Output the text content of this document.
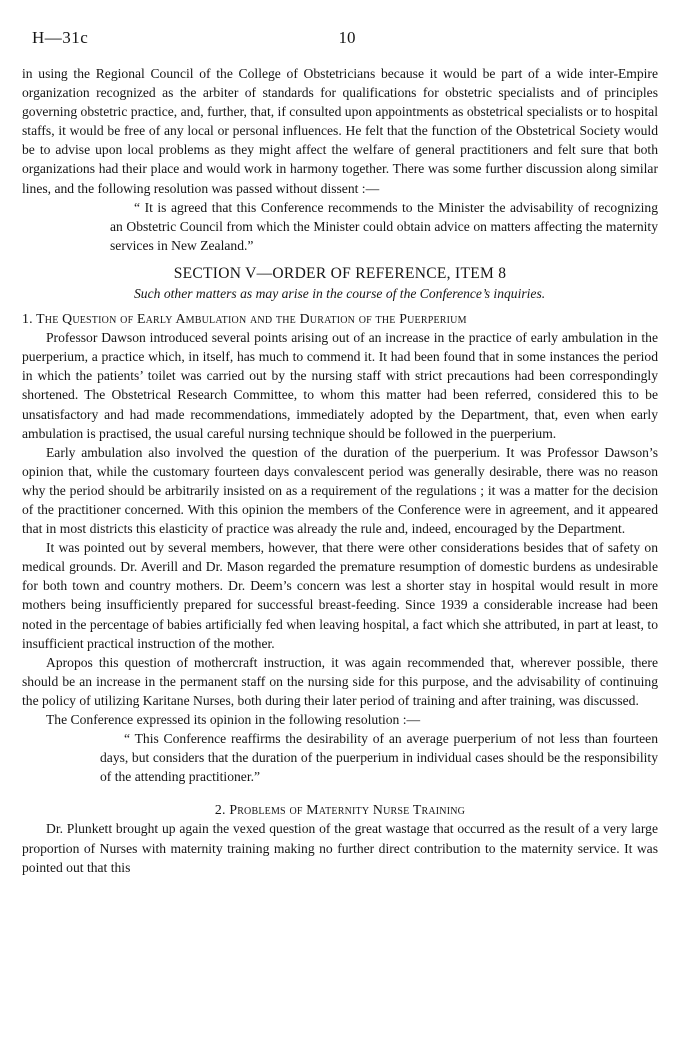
H—31c	10

in using the Regional Council of the College of Obstetricians because it would be part of a wide inter-Empire organization recognized as the arbiter of standards for qualifications for obstetric specialists and of principles governing obstetric practice, and, further, that, if consulted upon appointments as obstetrical specialists or to hospital staffs, it would be free of any local or personal influences. He felt that the function of the Obstetrical Society would be to advise upon local problems as they might affect the welfare of general practitioners and felt sure that both organizations had their place and would work in harmony together. There was some further discussion along similar lines, and the following resolution was passed without dissent :—

“ It is agreed that this Conference recommends to the Minister the advisability of recognizing an Obstetric Council from which the Minister could obtain advice on matters affecting the maternity services in New Zealand.”

SECTION V—ORDER OF REFERENCE, ITEM 8

Such other matters as may arise in the course of the Conference’s inquiries.

1. The Question of Early Ambulation and the Duration of the Puerperium

Professor Dawson introduced several points arising out of an increase in the practice of early ambulation in the puerperium, a practice which, in itself, has much to commend it. It had been found that in some instances the period in which the patients’ toilet was carried out by the nursing staff with strict precautions had been correspondingly shortened. The Obstetrical Research Committee, to whom this matter had been referred, considered this to be unsatisfactory and had made recommendations, immediately adopted by the Department, that, even when early ambulation is practised, the usual careful nursing technique should be followed in the puerperium.

Early ambulation also involved the question of the duration of the puerperium. It was Professor Dawson’s opinion that, while the customary fourteen days convalescent period was generally desirable, there was no reason why the period should be arbitrarily insisted on as a requirement of the regulations ; it was a matter for the decision of the practitioner concerned. With this opinion the members of the Conference were in agreement, and it appeared that in most districts this elasticity of practice was already the rule and, indeed, encouraged by the Department.

It was pointed out by several members, however, that there were other considerations besides that of safety on medical grounds. Dr. Averill and Dr. Mason regarded the premature resumption of domestic burdens as undesirable for both town and country mothers. Dr. Deem’s concern was lest a shorter stay in hospital would result in more mothers being insufficiently prepared for successful breast-feeding. Since 1939 a considerable increase had been noted in the percentage of babies artificially fed when leaving hospital, a fact which she attributed, in part at least, to insufficient practical instruction of the mother.

Apropos this question of mothercraft instruction, it was again recommended that, wherever possible, there should be an increase in the permanent staff on the nursing side for this purpose, and the advisability of continuing the policy of utilizing Karitane Nurses, both during their later period of training and after training, was discussed.

The Conference expressed its opinion in the following resolution :—

“ This Conference reaffirms the desirability of an average puerperium of not less than fourteen days, but considers that the duration of the puerperium in individual cases should be the responsibility of the attending practitioner.”

2. Problems of Maternity Nurse Training

Dr. Plunkett brought up again the vexed question of the great wastage that occurred as the result of a very large proportion of Nurses with maternity training making no further direct contribution to the maternity service. It was pointed out that this
